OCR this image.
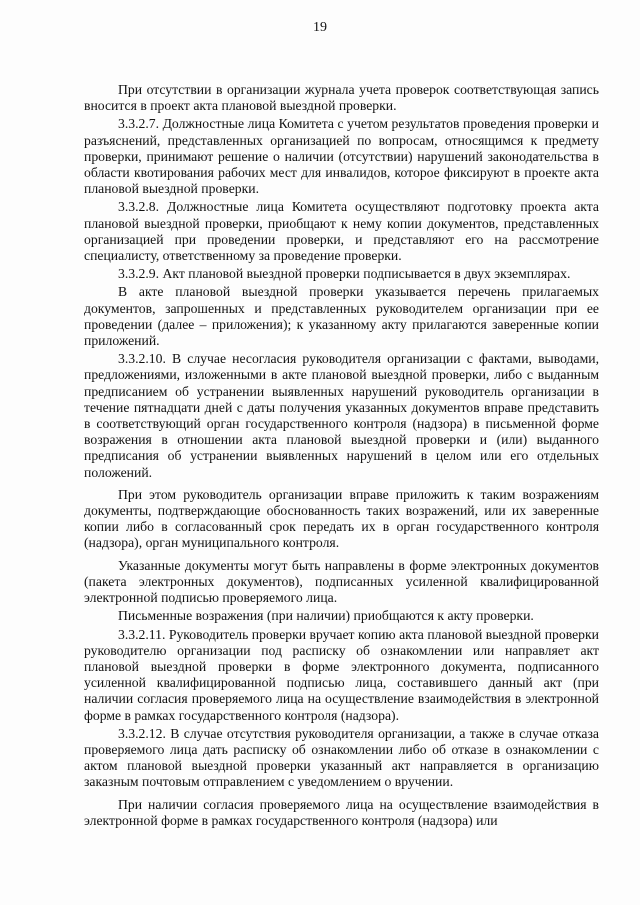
19

При отсутствии в организации журнала учета проверок соответствующая запись вносится в проект акта плановой выездной проверки.

3.3.2.7. Должностные лица Комитета с учетом результатов проведения проверки и разъяснений, представленных организацией по вопросам, относящимся к предмету проверки, принимают решение о наличии (отсутствии) нарушений законодательства в области квотирования рабочих мест для инвалидов, которое фиксируют в проекте акта плановой выездной проверки.

3.3.2.8. Должностные лица Комитета осуществляют подготовку проекта акта плановой выездной проверки, приобщают к нему копии документов, представленных организацией при проведении проверки, и представляют его на рассмотрение специалисту, ответственному за проведение проверки.

3.3.2.9. Акт плановой выездной проверки подписывается в двух экземплярах.

В акте плановой выездной проверки указывается перечень прилагаемых документов, запрошенных и представленных руководителем организации при ее проведении (далее – приложения); к указанному акту прилагаются заверенные копии приложений.

3.3.2.10. В случае несогласия руководителя организации с фактами, выводами, предложениями, изложенными в акте плановой выездной проверки, либо с выданным предписанием об устранении выявленных нарушений руководитель организации в течение пятнадцати дней с даты получения указанных документов вправе представить в соответствующий орган государственного контроля (надзора) в письменной форме возражения в отношении акта плановой выездной проверки и (или) выданного предписания об устранении выявленных нарушений в целом или его отдельных положений.

При этом руководитель организации вправе приложить к таким возражениям документы, подтверждающие обоснованность таких возражений, или их заверенные копии либо в согласованный срок передать их в орган государственного контроля (надзора), орган муниципального контроля.

Указанные документы могут быть направлены в форме электронных документов (пакета электронных документов), подписанных усиленной квалифицированной электронной подписью проверяемого лица.

Письменные возражения (при наличии) приобщаются к акту проверки.

3.3.2.11. Руководитель проверки вручает копию акта плановой выездной проверки руководителю организации под расписку об ознакомлении или направляет акт плановой выездной проверки в форме электронного документа, подписанного усиленной квалифицированной подписью лица, составившего данный акт (при наличии согласия проверяемого лица на осуществление взаимодействия в электронной форме в рамках государственного контроля (надзора).

3.3.2.12. В случае отсутствия руководителя организации, а также в случае отказа проверяемого лица дать расписку об ознакомлении либо об отказе в ознакомлении с актом плановой выездной проверки указанный акт направляется в организацию заказным почтовым отправлением с уведомлением о вручении.

При наличии согласия проверяемого лица на осуществление взаимодействия в электронной форме в рамках государственного контроля (надзора) или
